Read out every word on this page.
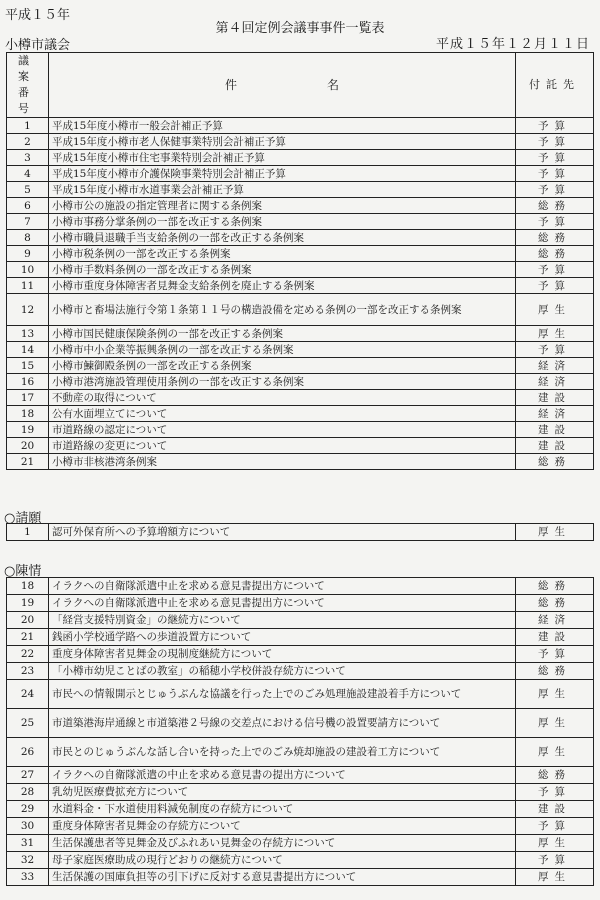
平成１５年
第４回定例会議事事件一覧表
小樽市議会	平成１５年１２月１１日
議　案
番　号	件 名	付託先
1	平成15年度小樽市一般会計補正予算	予算
2	平成15年度小樽市老人保健事業特別会計補正予算	予算
3	平成15年度小樽市住宅事業特別会計補正予算	予算
4	平成15年度小樽市介護保険事業特別会計補正予算	予算
5	平成15年度小樽市水道事業会計補正予算	予算
6	小樽市公の施設の指定管理者に関する条例案	総務
7	小樽市事務分掌条例の一部を改正する条例案	予算
8	小樽市職員退職手当支給条例の一部を改正する条例案	総務
9	小樽市税条例の一部を改正する条例案	総務
10	小樽市手数料条例の一部を改正する条例案	予算
11	小樽市重度身体障害者見舞金支給条例を廃止する条例案	予算
12	小樽市と畜場法施行令第１条第１１号の構造設備を定める条例の一部を改正する条例案	厚生
13	小樽市国民健康保険条例の一部を改正する条例案	厚生
14	小樽市中小企業等振興条例の一部を改正する条例案	予算
15	小樽市鰊御殿条例の一部を改正する条例案	経済
16	小樽市港湾施設管理使用条例の一部を改正する条例案	経済
17	不動産の取得について	建設
18	公有水面埋立てについて	経済
19	市道路線の認定について	建設
20	市道路線の変更について	建設
21	小樽市非核港湾条例案	総務
○請願
1	認可外保育所への予算増額方について	厚生
○陳情
18	イラクへの自衛隊派遣中止を求める意見書提出方について	総務
19	イラクへの自衛隊派遣中止を求める意見書提出方について	総務
20	「経営支援特別資金」の継続方について	経済
21	銭函小学校通学路への歩道設置方について	建設
22	重度身体障害者見舞金の現制度継続方について	予算
23	「小樽市幼児ことばの教室」の稲穂小学校併設存続方について	総務
24	市民への情報開示とじゅうぶんな協議を行った上でのごみ処理施設建設着手方について	厚生
25	市道築港海岸通線と市道築港２号線の交差点における信号機の設置要請方について	厚生
26	市民とのじゅうぶんな話し合いを持った上でのごみ焼却施設の建設着工方について	厚生
27	イラクへの自衛隊派遣の中止を求める意見書の提出方について	総務
28	乳幼児医療費拡充方について	予算
29	水道料金・下水道使用料減免制度の存続方について	建設
30	重度身体障害者見舞金の存続方について	予算
31	生活保護患者等見舞金及びふれあい見舞金の存続方について	厚生
32	母子家庭医療助成の現行どおりの継続方について	予算
33	生活保護の国庫負担等の引下げに反対する意見書提出方について	厚生
